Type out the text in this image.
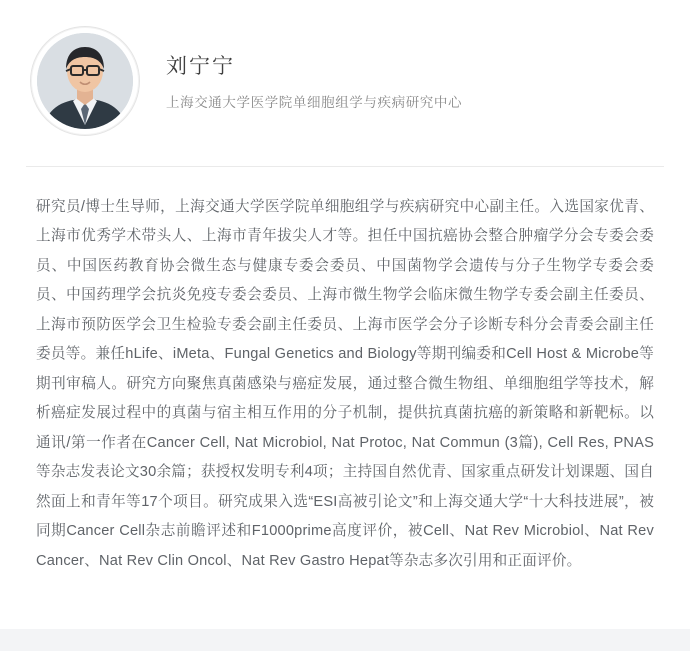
刘宁宁
上海交通大学医学院单细胞组学与疾病研究中心

研究员/博士生导师，上海交通大学医学院单细胞组学与疾病研究中心副主任。入选国家优青、上海市优秀学术带头人、上海市青年拔尖人才等。担任中国抗癌协会整合肿瘤学分会专委会委员、中国医药教育协会微生态与健康专委会委员、中国菌物学会遗传与分子生物学专委会委员、中国药理学会抗炎免疫专委会委员、上海市微生物学会临床微生物学专委会副主任委员、上海市预防医学会卫生检验专委会副主任委员、上海市医学会分子诊断专科分会青委会副主任委员等。兼任hLife、iMeta、Fungal Genetics and Biology等期刊编委和Cell Host & Microbe等期刊审稿人。研究方向聚焦真菌感染与癌症发展，通过整合微生物组、单细胞组学等技术，解析癌症发展过程中的真菌与宿主相互作用的分子机制，提供抗真菌抗癌的新策略和新靶标。以通讯/第一作者在Cancer Cell, Nat Microbiol, Nat Protoc, Nat Commun (3篇), Cell Res, PNAS等杂志发表论文30余篇；获授权发明专利4项；主持国自然优青、国家重点研发计划课题、国自然面上和青年等17个项目。研究成果入选“ESI高被引论文”和上海交通大学“十大科技进展”，被同期Cancer Cell杂志前瞻评述和F1000prime高度评价，被Cell、Nat Rev Microbiol、Nat Rev Cancer、Nat Rev Clin Oncol、Nat Rev Gastro Hepat等杂志多次引用和正面评价。
